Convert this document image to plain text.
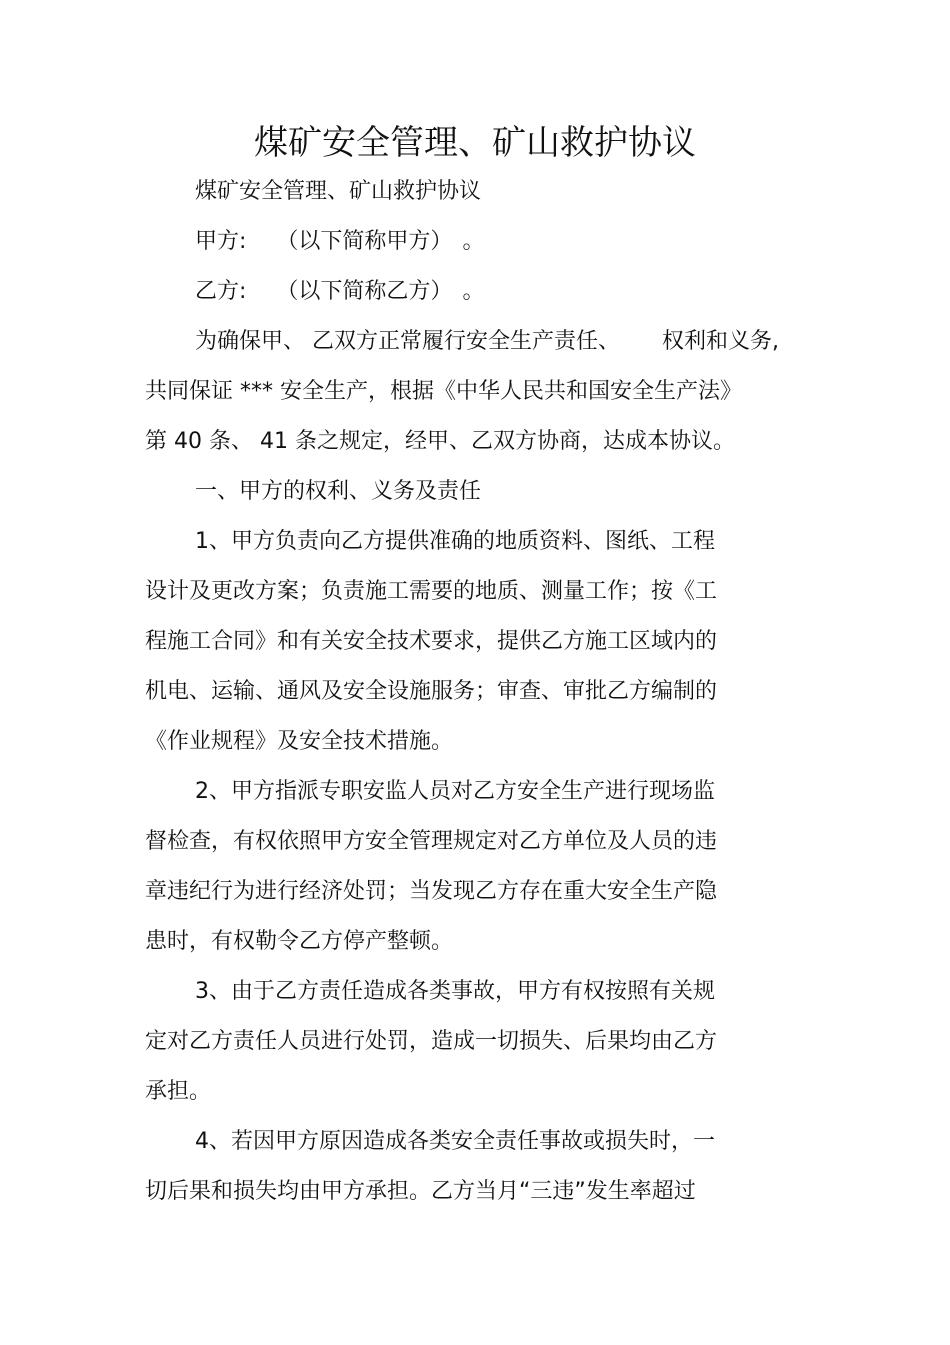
煤矿安全管理、矿山救护协议
煤矿安全管理、矿山救护协议
甲方: （以下简称甲方） 。
乙方: （以下简称乙方） 。
为确保甲、 乙双方正常履行安全生产责任、 权利和义务,
共同保证 *** 安全生产，根据《中华人民共和国安全生产法》
第 40 条、 41 条之规定，经甲、乙双方协商，达成本协议。
一、甲方的权利、义务及责任
1、甲方负责向乙方提供准确的地质资料、图纸、工程
设计及更改方案；负责施工需要的地质、测量工作；按《工
程施工合同》和有关安全技术要求，提供乙方施工区域内的
机电、运输、通风及安全设施服务；审查、审批乙方编制的
《作业规程》及安全技术措施。
2、甲方指派专职安监人员对乙方安全生产进行现场监
督检查，有权依照甲方安全管理规定对乙方单位及人员的违
章违纪行为进行经济处罚；当发现乙方存在重大安全生产隐
患时，有权勒令乙方停产整顿。
3、由于乙方责任造成各类事故，甲方有权按照有关规
定对乙方责任人员进行处罚，造成一切损失、后果均由乙方
承担。
4、若因甲方原因造成各类安全责任事故或损失时，一
切后果和损失均由甲方承担。乙方当月“三违”发生率超过
